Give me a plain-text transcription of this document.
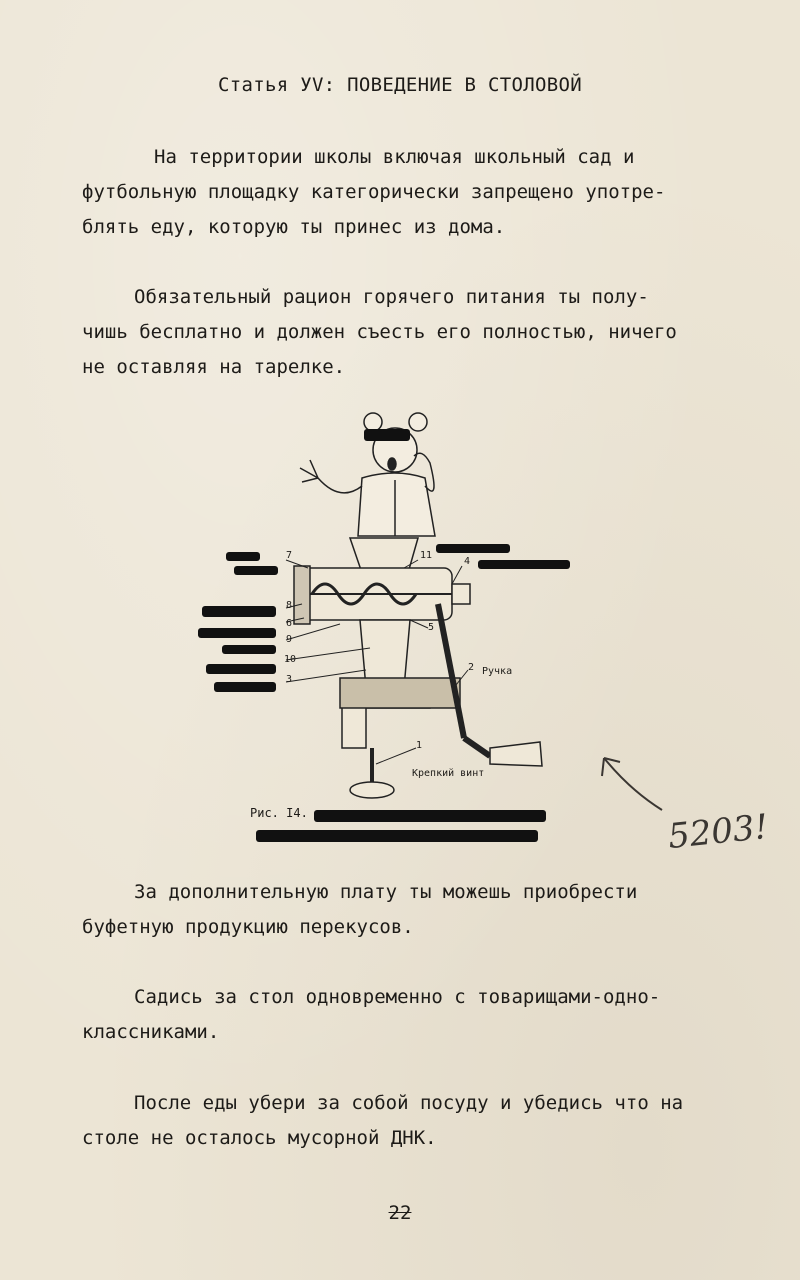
Статья УV: ПОВЕДЕНИЕ В СТОЛОВОЙ

На территории школы включая школьный сад и
футбольную площадку категорически запрещено употре-
блять еду, которую ты принес из дома.

Обязательный рацион горячего питания ты полу-
чишь бесплатно и должен съесть его полностью, ничего
не оставляя на тарелке.

7
8
6
9
10
3
11
4
5
2
1
Ручка
Крепкий винт
Рис. I4.	5203!

За дополнительную плату ты можешь приобрести
буфетную продукцию перекусов.

Садись за стол одновременно с товарищами-одно-
классниками.

После еды убери за собой посуду и убедись что на
столе не осталось мусорной ДНК.

22
